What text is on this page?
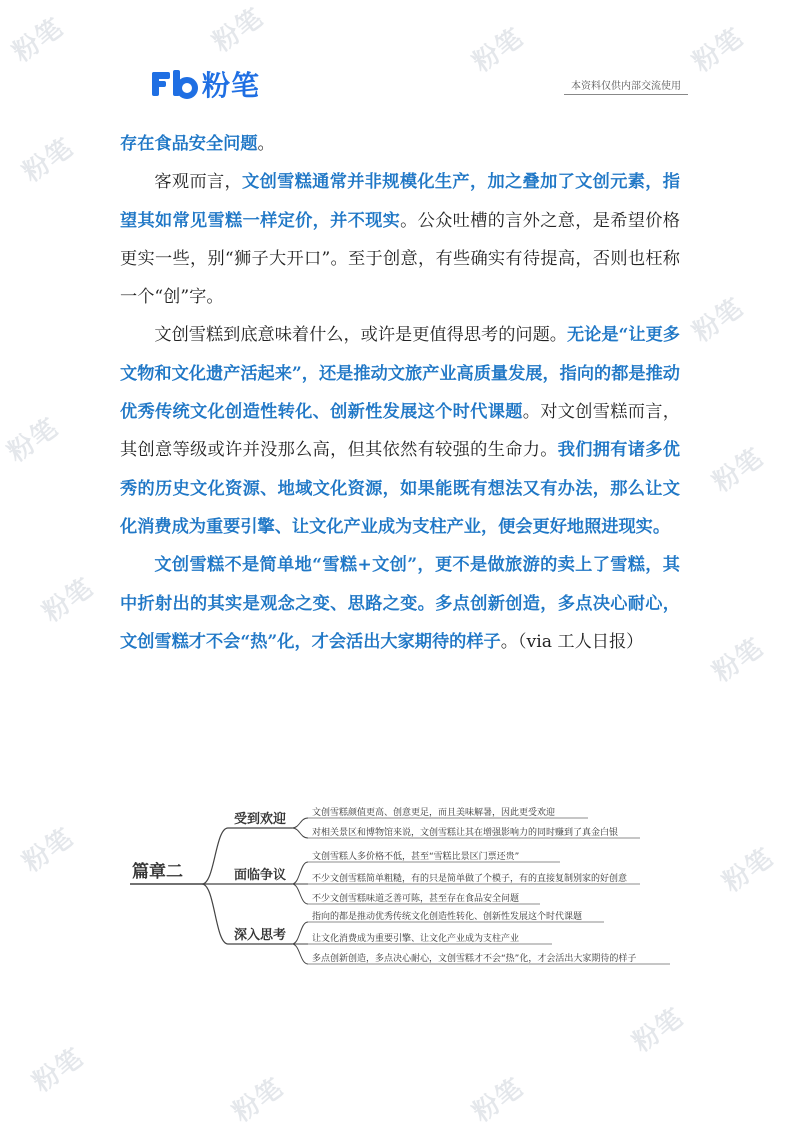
粉笔	粉笔	粉笔	粉笔
粉笔
粉笔
粉笔
粉笔
粉笔
粉笔
粉笔	粉笔
粉笔
粉笔	粉笔
粉笔
粉笔	本资料仅供内部交流使用

存在食品安全问题。

客观而言，文创雪糕通常并非规模化生产，加之叠加了文创元素，指望其如常见雪糕一样定价，并不现实。公众吐槽的言外之意，是希望价格更实一些，别“狮子大开口”。至于创意，有些确实有待提高，否则也枉称一个“创”字。

文创雪糕到底意味着什么，或许是更值得思考的问题。无论是“让更多文物和文化遗产活起来”，还是推动文旅产业高质量发展，指向的都是推动优秀传统文化创造性转化、创新性发展这个时代课题。对文创雪糕而言，其创意等级或许并没那么高，但其依然有较强的生命力。我们拥有诸多优秀的历史文化资源、地域文化资源，如果能既有想法又有办法，那么让文化消费成为重要引擎、让文化产业成为支柱产业，便会更好地照进现实。

文创雪糕不是简单地“雪糕+文创”，更不是做旅游的卖上了雪糕，其中折射出的其实是观念之变、思路之变。多点创新创造，多点决心耐心，文创雪糕才不会“热”化，才会活出大家期待的样子。（via 工人日报）

篇章二
受到欢迎	文创雪糕颜值更高、创意更足，而且美味解暑，因此更受欢迎
对相关景区和博物馆来说，文创雪糕让其在增强影响力的同时赚到了真金白银
面临争议
文创雪糕人多价格不低，甚至“雪糕比景区门票还贵”
不少文创雪糕简单粗糙，有的只是简单做了个模子，有的直接复制别家的好创意
不少文创雪糕味道乏善可陈，甚至存在食品安全问题
深入思考
指向的都是推动优秀传统文化创造性转化、创新性发展这个时代课题
让文化消费成为重要引擎、让文化产业成为支柱产业
多点创新创造，多点决心耐心，文创雪糕才不会“热”化，才会活出大家期待的样子
